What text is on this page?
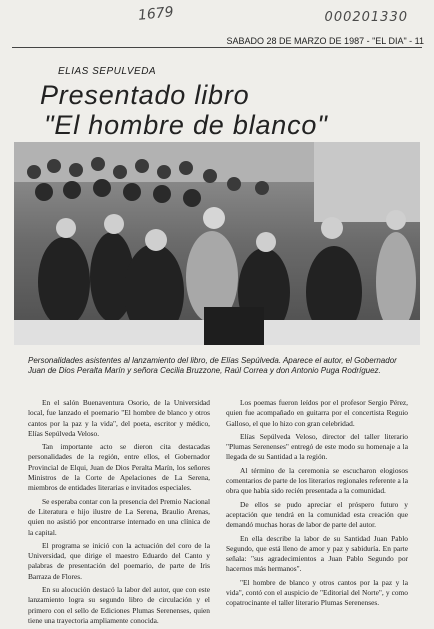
1679	000201330
SABADO 28 DE MARZO DE 1987 - "EL DIA" - 11
ELIAS SEPULVEDA
Presentado libro
"El hombre de blanco"
Personalidades asistentes al lanzamiento del libro, de Elías Sepúlveda. Aparece el autor, el Gobernador Juan de Dios Peralta Marín y señora Cecilia Bruzzone, Raúl Correa y don Antonio Puga Rodríguez.

En el salón Buenaventura Osorio, de la Universidad local, fue lanzado el poemario "El hombre de blanco y otros cantos por la paz y la vida", del poeta, escritor y médico, Elías Sepúlveda Veloso.

Tan importante acto se dieron cita destacadas personalidades de la región, entre ellos, el Gobernador Provincial de Elqui, Juan de Dios Peralta Marín, los señores Ministros de la Corte de Apelaciones de La Serena, miembros de entidades literarias e invitados especiales.

Se esperaba contar con la presencia del Premio Nacional de Literatura e hijo ilustre de La Serena, Braulio Arenas, quien no asistió por encontrarse internado en una clínica de la capital.

El programa se inició con la actuación del coro de la Universidad, que dirige el maestro Eduardo del Canto y palabras de presentación del poemario, de parte de Iris Barraza de Flores.

En su alocución destacó la labor del autor, que con este lanzamiento logra su segundo libro de circulación y el primero con el sello de Ediciones Plumas Serenenses, quien tiene una trayectoria ampliamente conocida.

Los poemas fueron leídos por el profesor Sergio Pérez, quien fue acompañado en guitarra por el concertista Reguio Galloso, el que lo hizo con gran celebridad.

Elías Sepúlveda Veloso, director del taller literario "Plumas Serenenses" entregó de este modo su homenaje a la llegada de su Santidad a la región.

Al término de la ceremonia se escucharon elogiosos comentarios de parte de los literarios regionales referente a la obra que había sido recién presentada a la comunidad.

De ellos se pudo apreciar el próspero futuro y aceptación que tendrá en la comunidad esta creación que demandó muchas horas de labor de parte del autor.

En ella describe la labor de su Santidad Juan Pablo Segundo, que está lleno de amor y paz y sabiduría. En parte señala: "sus agradecimientos a Juan Pablo Segundo por hacernos más hermanos".

"El hombre de blanco y otros cantos por la paz y la vida", contó con el auspicio de "Editorial del Norte", y como copatrocinante el taller literario Plumas Serenenses.
